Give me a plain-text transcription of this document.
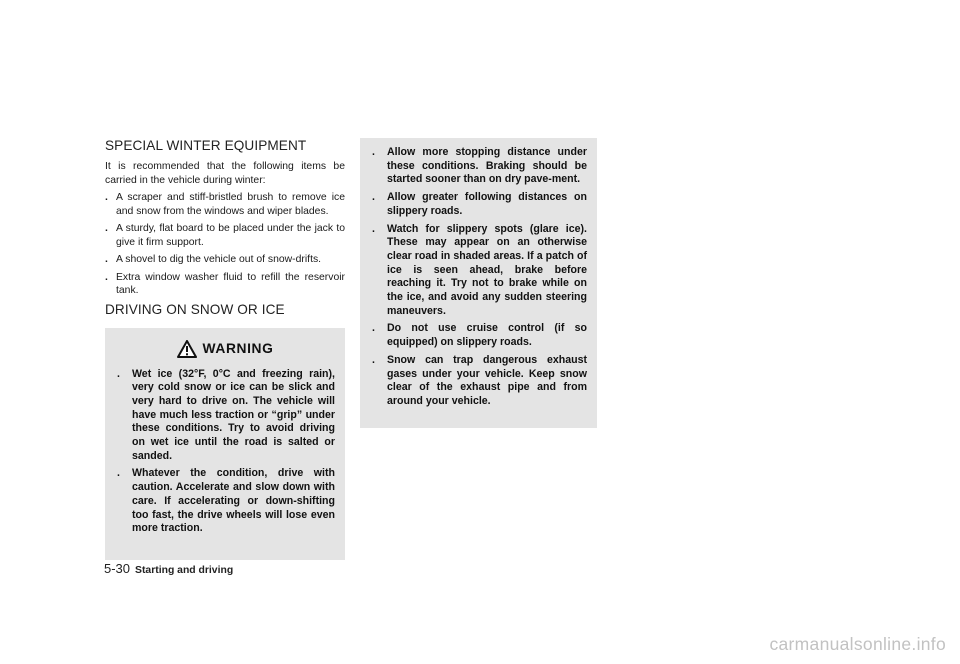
SPECIAL WINTER EQUIPMENT

It is recommended that the following items be carried in the vehicle during winter:

. A scraper and stiff-bristled brush to remove ice and snow from the windows and wiper blades.
. A sturdy, flat board to be placed under the jack to give it firm support.
. A shovel to dig the vehicle out of snow-drifts.
. Extra window washer fluid to refill the reservoir tank.
DRIVING ON SNOW OR ICE
WARNING
. Wet ice (32°F, 0°C and freezing rain), very cold snow or ice can be slick and very hard to drive on. The vehicle will have much less traction or “grip” under these conditions. Try to avoid driving on wet ice until the road is salted or sanded.
. Whatever the condition, drive with caution. Accelerate and slow down with care. If accelerating or down-shifting too fast, the drive wheels will lose even more traction.
. Allow more stopping distance under these conditions. Braking should be started sooner than on dry pave-ment.
. Allow greater following distances on slippery roads.
. Watch for slippery spots (glare ice). These may appear on an otherwise clear road in shaded areas. If a patch of ice is seen ahead, brake before reaching it. Try not to brake while on the ice, and avoid any sudden steering maneuvers.
. Do not use cruise control (if so equipped) on slippery roads.
. Snow can trap dangerous exhaust gases under your vehicle. Keep snow clear of the exhaust pipe and from around your vehicle.
5-30 Starting and driving
carmanualsonline.info
